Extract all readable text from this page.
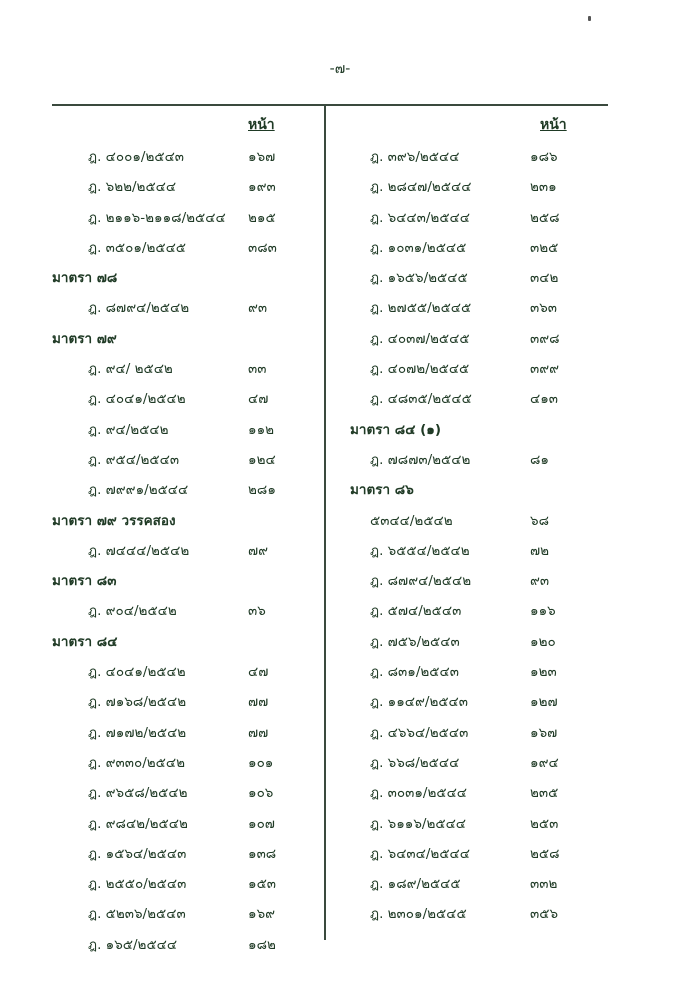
-๗-
หน้า
ฎ. ๔๐๐๑/๒๕๔๓	๑๖๗
ฎ. ๖๒๒/๒๕๔๔	๑๙๓
ฎ. ๒๑๑๖-๒๑๑๘/๒๕๔๔ ๒๑๕
ฎ. ๓๕๐๑/๒๕๔๕	๓๘๓
มาตรา ๗๘
ฎ. ๘๗๙๔/๒๕๔๒	๙๓
มาตรา ๗๙
ฎ. ๙๔/ ๒๕๔๒	๓๓
ฎ. ๔๐๔๑/๒๕๔๒	๔๗
ฎ. ๙๔/๒๕๔๒	๑๑๒
ฎ. ๙๕๔/๒๕๔๓	๑๒๔
ฎ. ๗๙๙๑/๒๕๔๔	๒๘๑
มาตรา ๗๙ วรรคสอง
ฎ. ๗๔๔๔/๒๕๔๒	๗๙
มาตรา ๘๓
ฎ. ๙๐๔/๒๕๔๒	๓๖
มาตรา ๘๔
ฎ. ๔๐๔๑/๒๕๔๒	๔๗
ฎ. ๗๑๖๘/๒๕๔๒	๗๗
ฎ. ๗๑๗๒/๒๕๔๒	๗๗
ฎ. ๙๓๓๐/๒๕๔๒	๑๐๑
ฎ. ๙๖๕๘/๒๕๔๒	๑๐๖
ฎ. ๙๘๔๒/๒๕๔๒	๑๐๗
ฎ. ๑๕๖๔/๒๕๔๓	๑๓๘
ฎ. ๒๕๕๐/๒๕๔๓	๑๕๓
ฎ. ๕๒๓๖/๒๕๔๓	๑๖๙
ฎ. ๑๖๕/๒๕๔๔	๑๘๒
หน้า
ฎ. ๓๙๖/๒๕๔๔	๑๘๖
ฎ. ๒๘๔๗/๒๕๔๔	๒๓๑
ฎ. ๖๔๔๓/๒๕๔๔	๒๕๘
ฎ. ๑๐๓๑/๒๕๔๕	๓๒๕
ฎ. ๑๖๕๖/๒๕๔๕	๓๔๒
ฎ. ๒๗๕๕/๒๕๔๕	๓๖๓
ฎ. ๔๐๓๗/๒๕๔๕	๓๙๘
ฎ. ๔๐๗๒/๒๕๔๕	๓๙๙
ฎ. ๔๘๓๕/๒๕๔๕	๔๑๓
มาตรา ๘๔ (๑)
ฎ. ๗๘๗๓/๒๕๔๒	๘๑
มาตรา ๘๖
๕๓๔๔/๒๕๔๒	๖๘
ฎ. ๖๕๕๔/๒๕๔๒	๗๒
ฎ. ๘๗๙๔/๒๕๔๒	๙๓
ฎ. ๕๗๔/๒๕๔๓	๑๑๖
ฎ. ๗๕๖/๒๕๔๓	๑๒๐
ฎ. ๘๓๑/๒๕๔๓	๑๒๓
ฎ. ๑๑๔๙/๒๕๔๓	๑๒๗
ฎ. ๔๖๖๔/๒๕๔๓	๑๖๗
ฎ. ๖๖๘/๒๕๔๔	๑๙๔
ฎ. ๓๐๓๑/๒๕๔๔	๒๓๕
ฎ. ๖๑๑๖/๒๕๔๔	๒๕๓
ฎ. ๖๔๓๔/๒๕๔๔	๒๕๘
ฎ. ๑๘๙/๒๕๔๕	๓๓๒
ฎ. ๒๓๐๑/๒๕๔๕	๓๕๖
